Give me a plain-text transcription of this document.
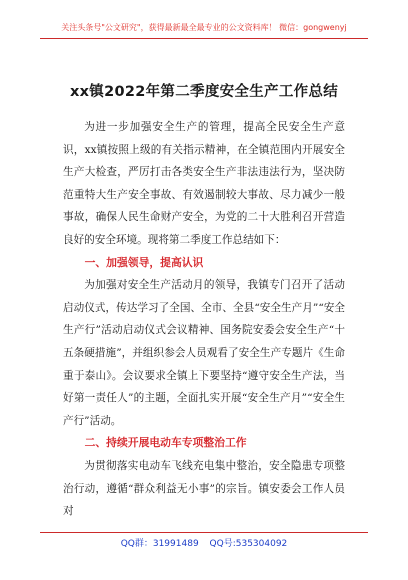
关注头条号"公文研究"，获得最新最全最专业的公文资料库！ 微信：gongwenyj
xx镇2022年第二季度安全生产工作总结

为进一步加强安全生产的管理，提高全民安全生产意识，xx镇按照上级的有关指示精神，在全镇范围内开展安全生产大检查，严厉打击各类安全生产非法违法行为，坚决防范重特大生产安全事故、有效遏制较大事故、尽力减少一般事故，确保人民生命财产安全，为党的二十大胜利召开营造良好的安全环境。现将第二季度工作总结如下：

一、加强领导，提高认识

为加强对安全生产活动月的领导，我镇专门召开了活动启动仪式，传达学习了全国、全市、全县“安全生产月”“安全生产行”活动启动仪式会议精神、国务院安委会安全生产“十五条硬措施”，并组织参会人员观看了安全生产专题片《生命重于泰山》。会议要求全镇上下要坚持“遵守安全生产法，当好第一责任人”的主题，全面扎实开展“安全生产月”“安全生产行”活动。

二、持续开展电动车专项整治工作

为贯彻落实电动车飞线充电集中整治，安全隐患专项整治行动，遵循“群众利益无小事”的宗旨。镇安委会工作人员对

QQ群：31991489 QQ号:535304092
